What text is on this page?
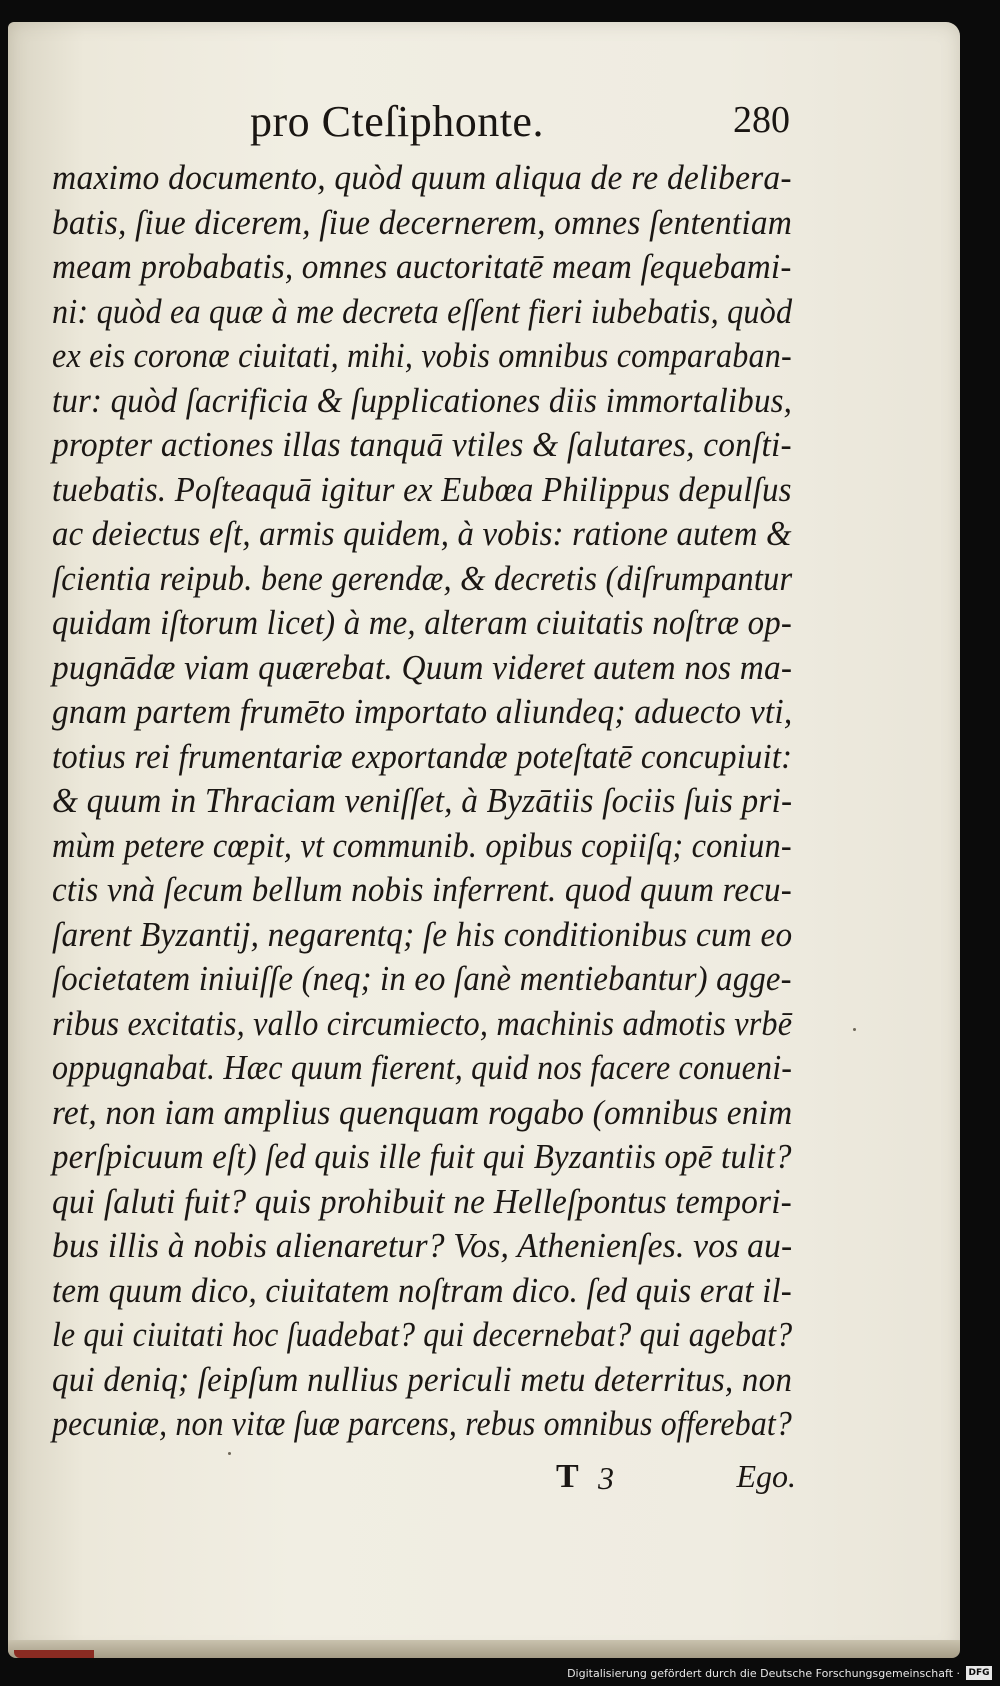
pro Cteſiphonte.	280
maximo documento, quòd quum aliqua de re delibera-
batis, ſiue dicerem, ſiue decernerem, omnes ſententiam
meam probabatis, omnes auctoritatē meam ſequebami-
ni: quòd ea quæ à me decreta eſſent fieri iubebatis, quòd
ex eis coronæ ciuitati, mihi, vobis omnibus comparaban-
tur: quòd ſacrificia & ſupplicationes diis immortalibus,
propter actiones illas tanquā vtiles & ſalutares, conſti-
tuebatis. Poſteaquā igitur ex Eubœa Philippus depulſus
ac deiectus eſt, armis quidem, à vobis: ratione autem &
ſcientia reipub. bene gerendæ, & decretis (diſrumpantur
quidam iſtorum licet) à me, alteram ciuitatis noſtræ op-
pugnādæ viam quærebat. Quum videret autem nos ma-
gnam partem frumēto importato aliundeq; aduecto vti,
totius rei frumentariæ exportandæ poteſtatē concupiuit:
& quum in Thraciam veniſſet, à Byzātiis ſociis ſuis pri-
mùm petere cœpit, vt communib. opibus copiiſq; coniun-
ctis vnà ſecum bellum nobis inferrent. quod quum recu-
ſarent Byzantij, negarentq; ſe his conditionibus cum eo
ſocietatem iniuiſſe (neq; in eo ſanè mentiebantur) agge-
ribus excitatis, vallo circumiecto, machinis admotis vrbē
oppugnabat. Hæc quum fierent, quid nos facere conueni-
ret, non iam amplius quenquam rogabo (omnibus enim
perſpicuum eſt) ſed quis ille fuit qui Byzantiis opē tulit?
qui ſaluti fuit? quis prohibuit ne Helleſpontus tempori-
bus illis à nobis alienaretur? Vos, Athenienſes. vos au-
tem quum dico, ciuitatem noſtram dico. ſed quis erat il-
le qui ciuitati hoc ſuadebat? qui decernebat? qui agebat?
qui deniq; ſeipſum nullius periculi metu deterritus, non
pecuniæ, non vitæ ſuæ parcens, rebus omnibus offerebat?
T 3	Ego.
Digitalisierung gefördert durch die Deutsche Forschungsgemeinschaft · DFG
